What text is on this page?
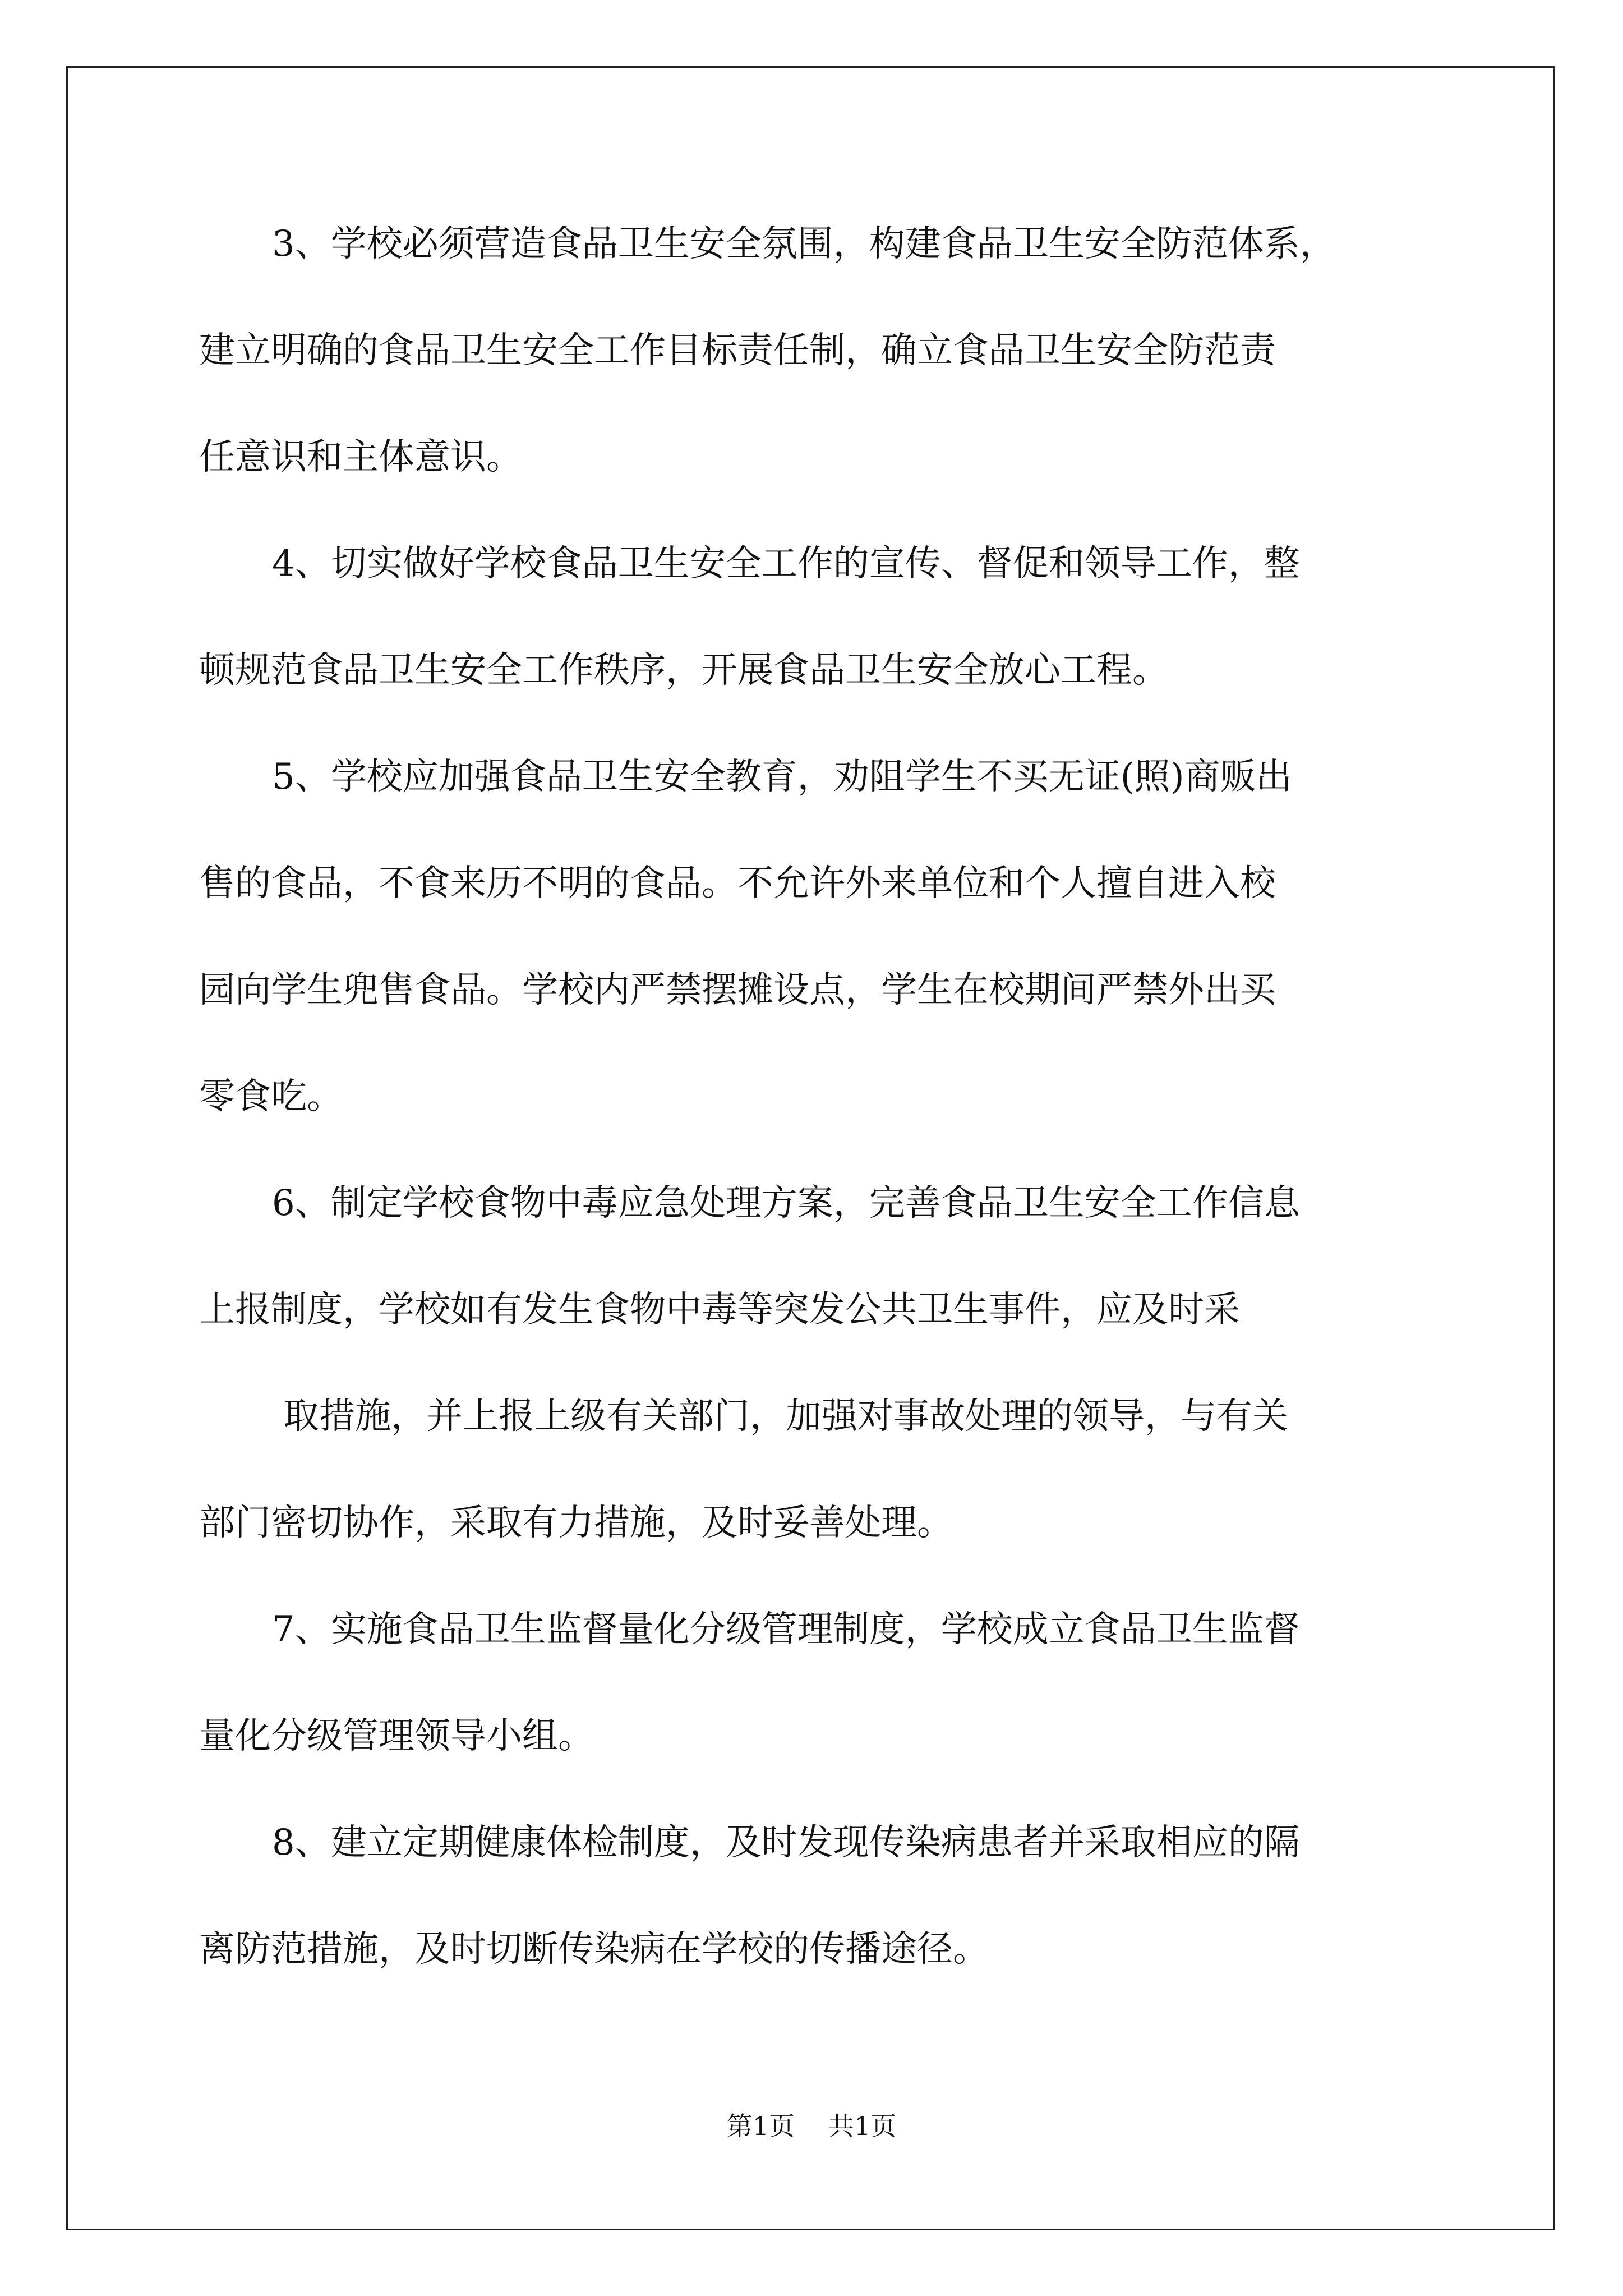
3、学校必须营造食品卫生安全氛围，构建食品卫生安全防范体系，
建立明确的食品卫生安全工作目标责任制，确立食品卫生安全防范责
任意识和主体意识。
4、切实做好学校食品卫生安全工作的宣传、督促和领导工作，整
顿规范食品卫生安全工作秩序，开展食品卫生安全放心工程。
5、学校应加强食品卫生安全教育，劝阻学生不买无证(照)商贩出
售的食品，不食来历不明的食品。不允许外来单位和个人擅自进入校
园向学生兜售食品。学校内严禁摆摊设点，学生在校期间严禁外出买
零食吃。
6、制定学校食物中毒应急处理方案，完善食品卫生安全工作信息
上报制度，学校如有发生食物中毒等突发公共卫生事件，应及时采
取措施，并上报上级有关部门，加强对事故处理的领导，与有关
部门密切协作，采取有力措施，及时妥善处理。
7、实施食品卫生监督量化分级管理制度，学校成立食品卫生监督
量化分级管理领导小组。
8、建立定期健康体检制度，及时发现传染病患者并采取相应的隔
离防范措施，及时切断传染病在学校的传播途径。
第1页 共1页
